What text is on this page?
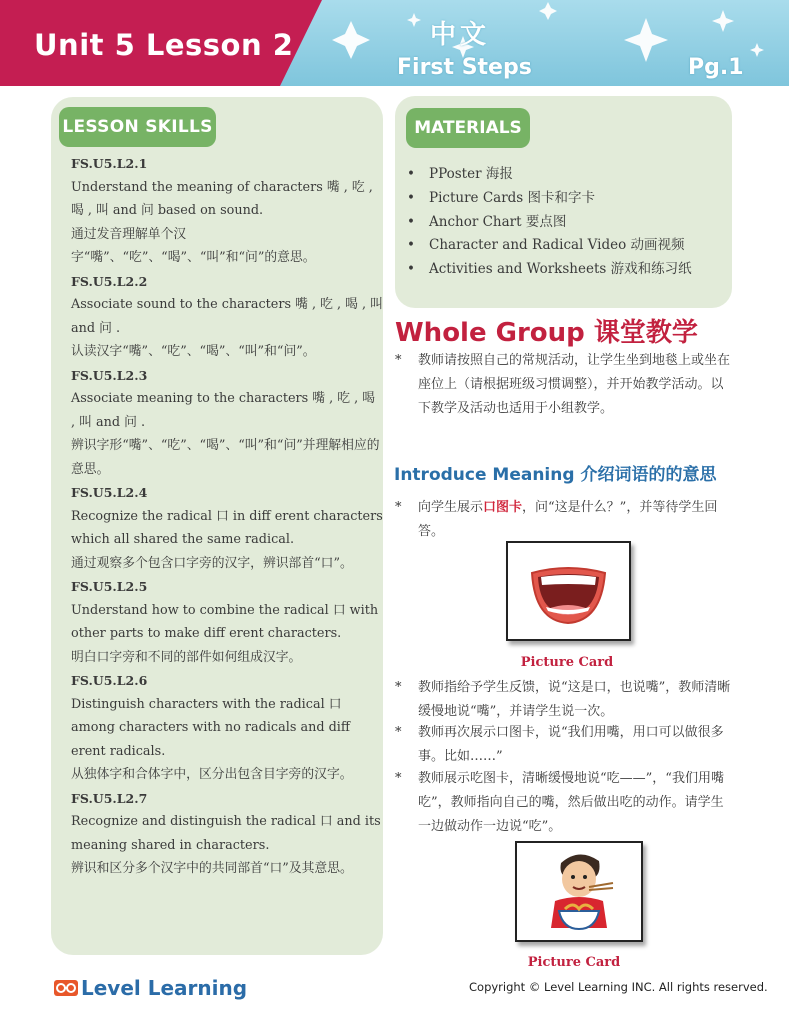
Unit 5 Lesson 2	中文
First Steps	Pg.1
LESSON SKILLS

FS.U5.L2.1

Understand the meaning of characters 嘴 , 吃 , 喝 , 叫 and 问 based on sound.

通过发音理解单个汉字“嘴”、“吃”、“喝”、“叫”和“问”的意思。

FS.U5.L2.2

Associate sound to the characters 嘴 , 吃 , 喝 , 叫 and 问 .

认读汉字“嘴”、“吃”、“喝”、“叫”和“问”。

FS.U5.L2.3

Associate meaning to the characters 嘴 , 吃 , 喝 , 叫 and 问 .

辨识字形“嘴”、“吃”、“喝”、“叫”和“问”并理解相应的意思。

FS.U5.L2.4

Recognize the radical 口 in diff erent characters which all shared the same radical.

通过观察多个包含口字旁的汉字，辨识部首“口”。

FS.U5.L2.5

Understand how to combine the radical 口 with other parts to make diff erent characters.

明白口字旁和不同的部件如何组成汉字。

FS.U5.L2.6

Distinguish characters with the radical 口 among characters with no radicals and diff erent radicals.

从独体字和合体字中，区分出包含目字旁的汉字。

FS.U5.L2.7

Recognize and distinguish the radical 口 and its meaning shared in characters.

辨识和区分多个汉字中的共同部首“口”及其意思。

MATERIALS
• PPoster 海报
• Picture Cards 图卡和字卡
• Anchor Chart 要点图
• Character and Radical Video 动画视频
• Activities and Worksheets 游戏和练习纸
Whole Group 课堂教学
* 教师请按照自己的常规活动，让学生坐到地毯上或坐在座位上（请根据班级习惯调整），并开始教学活动。以下教学及活动也适用于小组教学。
Introduce Meaning 介绍词语的的意思
* 向学生展示口图卡，问“这是什么？”，并等待学生回答。
Picture Card
* 教师指给予学生反馈，说“这是口，也说嘴”，教师清晰缓慢地说“嘴”，并请学生说一次。
* 教师再次展示口图卡，说“我们用嘴，用口可以做很多事。比如……”
* 教师展示吃图卡，清晰缓慢地说“吃——”，“我们用嘴吃”，教师指向自己的嘴，然后做出吃的动作。请学生一边做动作一边说“吃”。
Picture Card
Level Learning	Copyright © Level Learning INC. All rights reserved.
